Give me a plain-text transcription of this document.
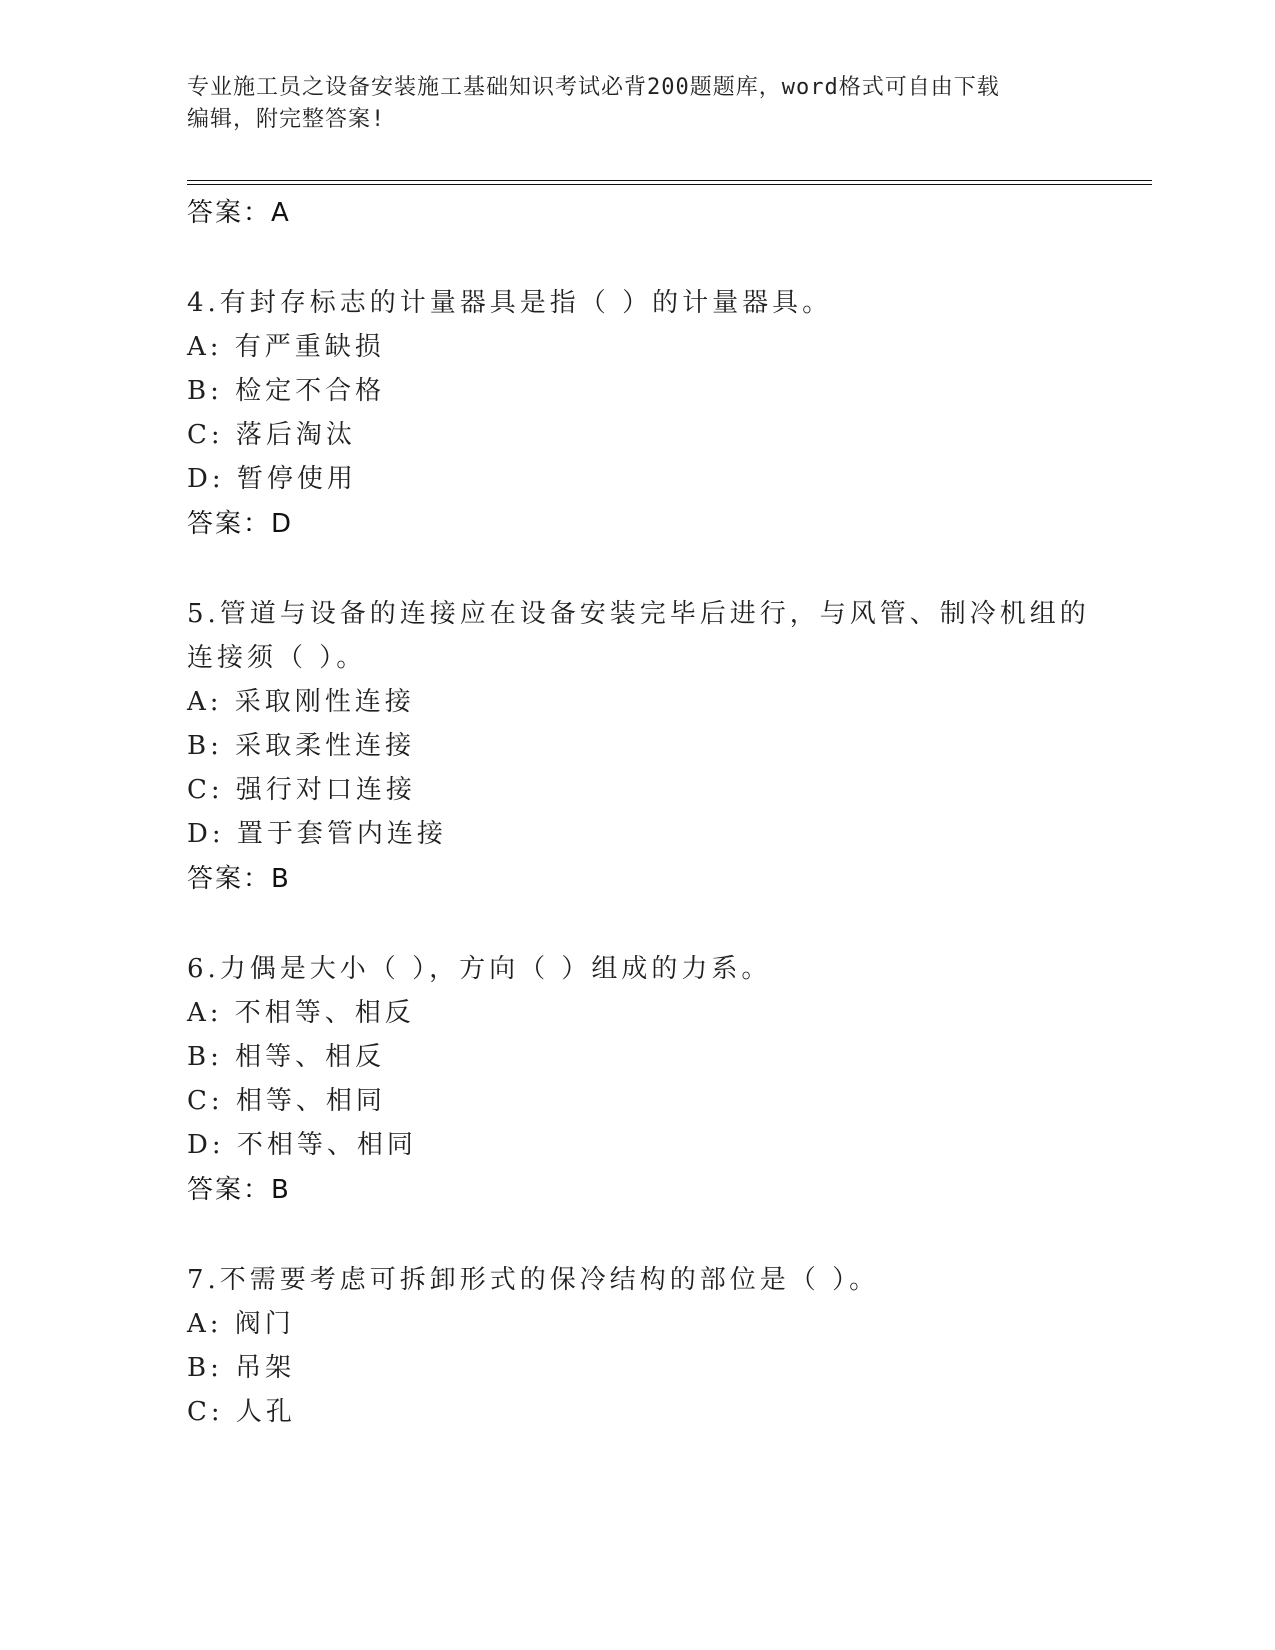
专业施工员之设备安装施工基础知识考试必背200题题库，word格式可自由下载

编辑，附完整答案!

答案：A
4.有封存标志的计量器具是指（ ）的计量器具。
A: 有严重缺损
B: 检定不合格
C: 落后淘汰
D: 暂停使用
答案：D
5.管道与设备的连接应在设备安装完毕后进行，与风管、制冷机组的
连接须（ ）。
A: 采取刚性连接
B: 采取柔性连接
C: 强行对口连接
D: 置于套管内连接
答案：B
6.力偶是大小（ ），方向（ ）组成的力系。
A: 不相等、相反
B: 相等、相反
C: 相等、相同
D: 不相等、相同
答案：B
7.不需要考虑可拆卸形式的保冷结构的部位是（ ）。
A: 阀门
B: 吊架
C: 人孔
